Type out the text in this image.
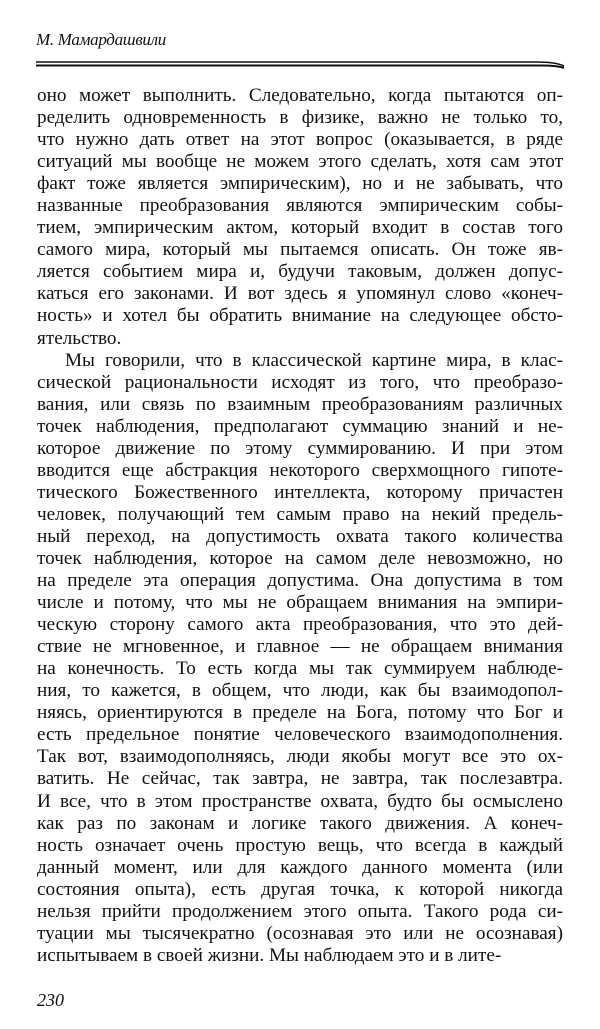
М. Мамардашвили
оно может выполнить. Следовательно, когда пытаются оп-
ределить одновременность в физике, важно не только то,
что нужно дать ответ на этот вопрос (оказывается, в ряде
ситуаций мы вообще не можем этого сделать, хотя сам этот
факт тоже является эмпирическим), но и не забывать, что
названные преобразования являются эмпирическим собы-
тием, эмпирическим актом, который входит в состав того
самого мира, который мы пытаемся описать. Он тоже яв-
ляется событием мира и, будучи таковым, должен допус-
каться его законами. И вот здесь я упомянул слово «конеч-
ность» и хотел бы обратить внимание на следующее обсто-
ятельство.
Мы говорили, что в классической картине мира, в клас-
сической рациональности исходят из того, что преобразо-
вания, или связь по взаимным преобразованиям различных
точек наблюдения, предполагают суммацию знаний и не-
которое движение по этому суммированию. И при этом
вводится еще абстракция некоторого сверхмощного гипоте-
тического Божественного интеллекта, которому причастен
человек, получающий тем самым право на некий предель-
ный переход, на допустимость охвата такого количества
точек наблюдения, которое на самом деле невозможно, но
на пределе эта операция допустима. Она допустима в том
числе и потому, что мы не обращаем внимания на эмпири-
ческую сторону самого акта преобразования, что это дей-
ствие не мгновенное, и главное — не обращаем внимания
на конечность. То есть когда мы так суммируем наблюде-
ния, то кажется, в общем, что люди, как бы взаимодопол-
няясь, ориентируются в пределе на Бога, потому что Бог и
есть предельное понятие человеческого взаимодополнения.
Так вот, взаимодополняясь, люди якобы могут все это ох-
ватить. Не сейчас, так завтра, не завтра, так послезавтра.
И все, что в этом пространстве охвата, будто бы осмыслено
как раз по законам и логике такого движения. А конеч-
ность означает очень простую вещь, что всегда в каждый
данный момент, или для каждого данного момента (или
состояния опыта), есть другая точка, к которой никогда
нельзя прийти продолжением этого опыта. Такого рода си-
туации мы тысячекратно (осознавая это или не осознавая)
испытываем в своей жизни. Мы наблюдаем это и в лите-
230
